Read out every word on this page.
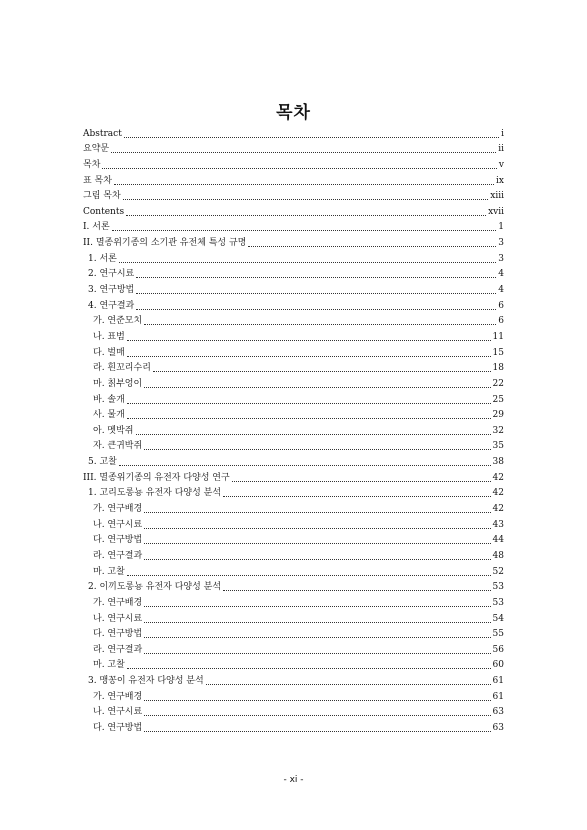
목차
Abstract	i
요약문	ii
목차	v
표 목차	ix
그림 목차	xiii
Contents	xvii
I. 서론	1
II. 멸종위기종의 소기관 유전체 특성 규명	3
1. 서론	3
2. 연구시료	4
3. 연구방법	4
4. 연구결과	6
가. 연준모치	6
나. 표범	11
다. 벌매	15
라. 흰꼬리수리	18
마. 칡부엉이	22
바. 솔개	25
사. 물개	29
아. 멧박쥐	32
자. 큰귀박쥐	35
5. 고찰	38
III. 멸종위기종의 유전자 다양성 연구	42
1. 고리도롱뇽 유전자 다양성 분석	42
가. 연구배경	42
나. 연구시료	43
다. 연구방법	44
라. 연구결과	48
마. 고찰	52
2. 이끼도롱뇽 유전자 다양성 분석	53
가. 연구배경	53
나. 연구시료	54
다. 연구방법	55
라. 연구결과	56
마. 고찰	60
3. 맹꽁이 유전자 다양성 분석	61
가. 연구배경	61
나. 연구시료	63
다. 연구방법	63
- xi -
